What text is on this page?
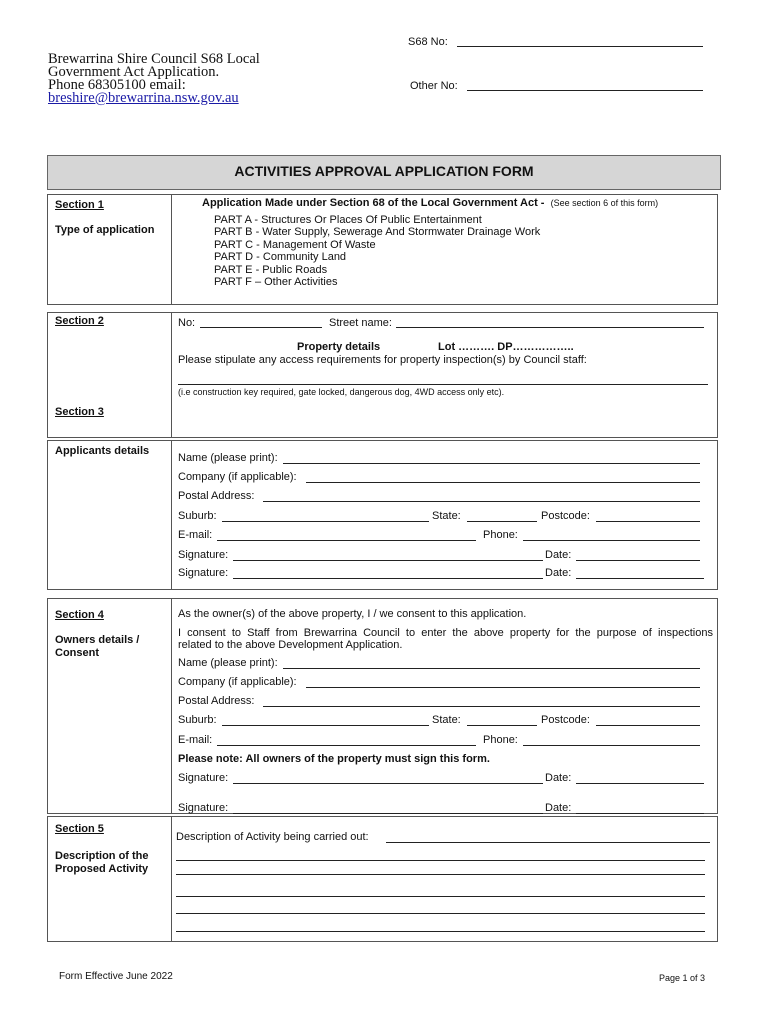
S68 No:
Other No:
Brewarrina Shire Council S68 Local
Government Act Application.
Phone 68305100 email:
breshire@brewarrina.nsw.gov.au
ACTIVITIES APPROVAL APPLICATION FORM
Section 1
Type of application
Application Made under Section 68 of the Local Government Act - (See section 6 of this form)
PART A - Structures Or Places Of Public Entertainment
PART B - Water Supply, Sewerage And Stormwater Drainage Work
PART C - Management Of Waste
PART D - Community Land
PART E - Public Roads
PART F – Other Activities
Section 2	No:	Street name:
Property details	Lot ………. DP……………..
Please stipulate any access requirements for property inspection(s) by Council staff:
(i.e construction key required, gate locked, dangerous dog, 4WD access only etc).
Section 3
Applicants details
Name (please print):
Company (if applicable):
Postal Address:
Suburb:	State:	Postcode:
E-mail:	Phone:
Signature:	Date:
Signature:	Date:
Section 4
Owners details /
Consent
As the owner(s) of the above property, I / we consent to this application.
I consent to Staff from Brewarrina Council to enter the above property for the purpose of inspections
related to the above Development Application.
Name (please print):
Company (if applicable):
Postal Address:
Suburb:	State:	Postcode:
E-mail:	Phone:
Please note: All owners of the property must sign this form.
Signature:	Date:
Signature:	Date:
Section 5
Description of the
Proposed Activity
Description of Activity being carried out:
Form Effective June 2022	Page 1 of 3
